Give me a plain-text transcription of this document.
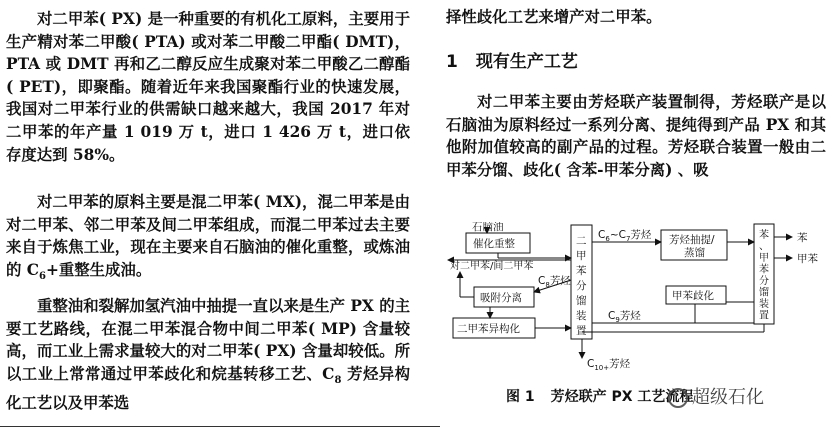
对二甲苯( PX) 是一种重要的有机化工原料，主要用于生产精对苯二甲酸( PTA) 或对苯二甲酸二甲酯( DMT)，PTA 或 DMT 再和乙二醇反应生成聚对苯二甲酸乙二醇酯( PET)，即聚酯。随着近年来我国聚酯行业的快速发展，我国对二甲苯行业的供需缺口越来越大，我国 2017 年对二甲苯的年产量 1 019 万 t，进口 1 426 万 t，进口依存度达到 58%。

对二甲苯的原料主要是混二甲苯( MX)，混二甲苯是由对二甲苯、邻二甲苯及间二甲苯组成，而混二甲苯过去主要来自于炼焦工业，现在主要来自石脑油的催化重整，或炼油的 $C_6+$重整生成油。

重整油和裂解加氢汽油中抽提一直以来是生产 PX 的主要工艺路线，在混二甲苯混合物中间二甲苯( MP) 含量较高，而工业上需求量较大的对二甲苯( PX) 含量却较低。所以工业上常常通过甲苯歧化和烷基转移工艺、$C_8$ 芳烃异构化工艺以及甲苯选

择性歧化工艺来增产对二甲苯。

1 现有生产工艺

对二甲苯主要由芳烃联产装置制得，芳烃联产是以石脑油为原料经过一系列分离、提纯得到产品 PX 和其他附加值较高的副产品的过程。芳烃联合装置一般由二甲苯分馏、歧化( 含苯-甲苯分离) 、吸

石脑油
催化重整
对二甲苯/间二甲苯
吸附分离
二甲苯异构化
芳烃抽提/
蒸馏
甲苯歧化
苯
甲苯
$C_6\sim C_7$芳烃
$C_8$芳烃
$C_9$芳烃
$C_{10+}$芳烃
二
甲
苯
分
馏
装
置
苯
、
甲
苯
分
馏
装
置
图 1 芳烃联产 PX 工艺流程
超级石化
